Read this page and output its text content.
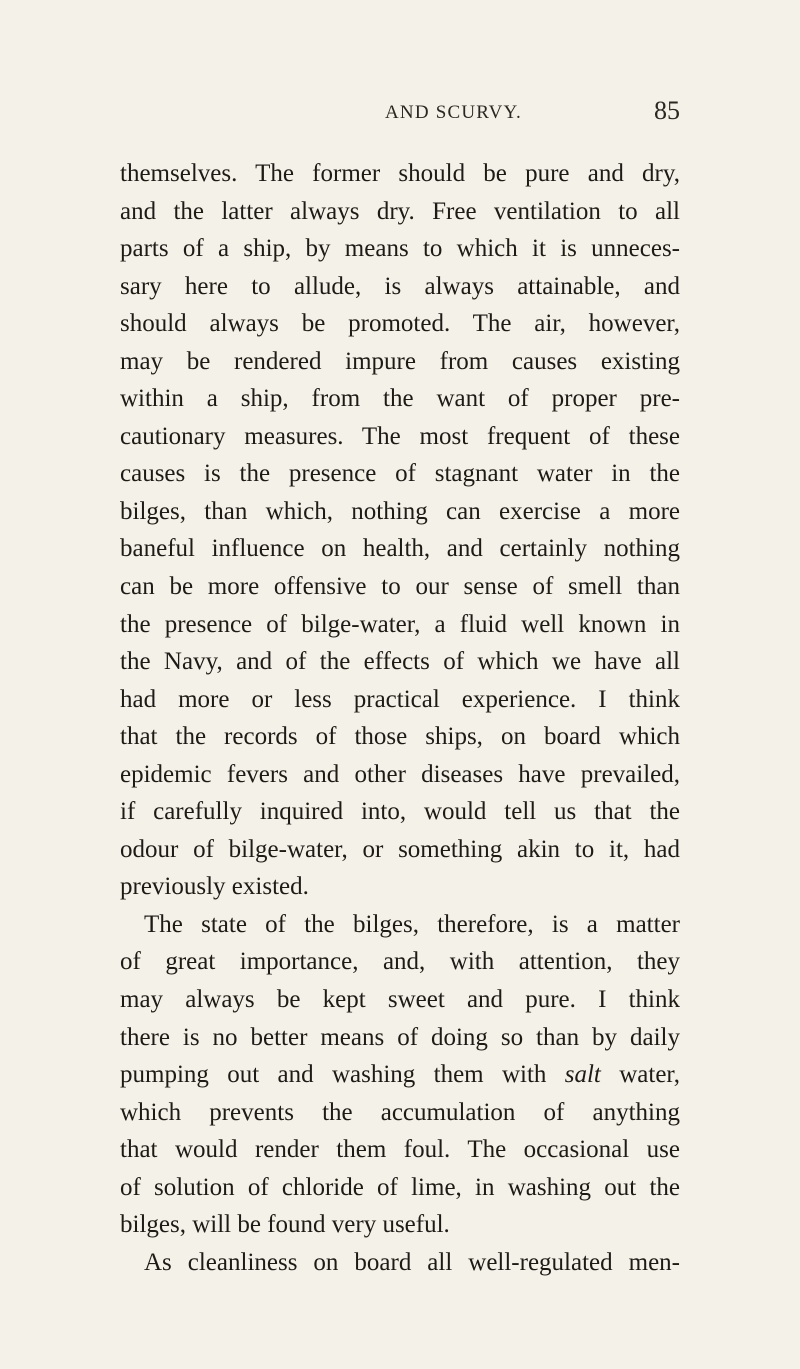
AND SCURVY.	85
themselves. The former should be pure and dry,
and the latter always dry. Free ventilation to all
parts of a ship, by means to which it is unneces-
sary here to allude, is always attainable, and
should always be promoted. The air, however,
may be rendered impure from causes existing
within a ship, from the want of proper pre-
cautionary measures. The most frequent of these
causes is the presence of stagnant water in the
bilges, than which, nothing can exercise a more
baneful influence on health, and certainly nothing
can be more offensive to our sense of smell than
the presence of bilge-water, a fluid well known in
the Navy, and of the effects of which we have all
had more or less practical experience. I think
that the records of those ships, on board which
epidemic fevers and other diseases have prevailed,
if carefully inquired into, would tell us that the
odour of bilge-water, or something akin to it, had
previously existed.
The state of the bilges, therefore, is a matter
of great importance, and, with attention, they
may always be kept sweet and pure. I think
there is no better means of doing so than by daily
pumping out and washing them with salt water,
which prevents the accumulation of anything
that would render them foul. The occasional use
of solution of chloride of lime, in washing out the
bilges, will be found very useful.
As cleanliness on board all well-regulated men-
